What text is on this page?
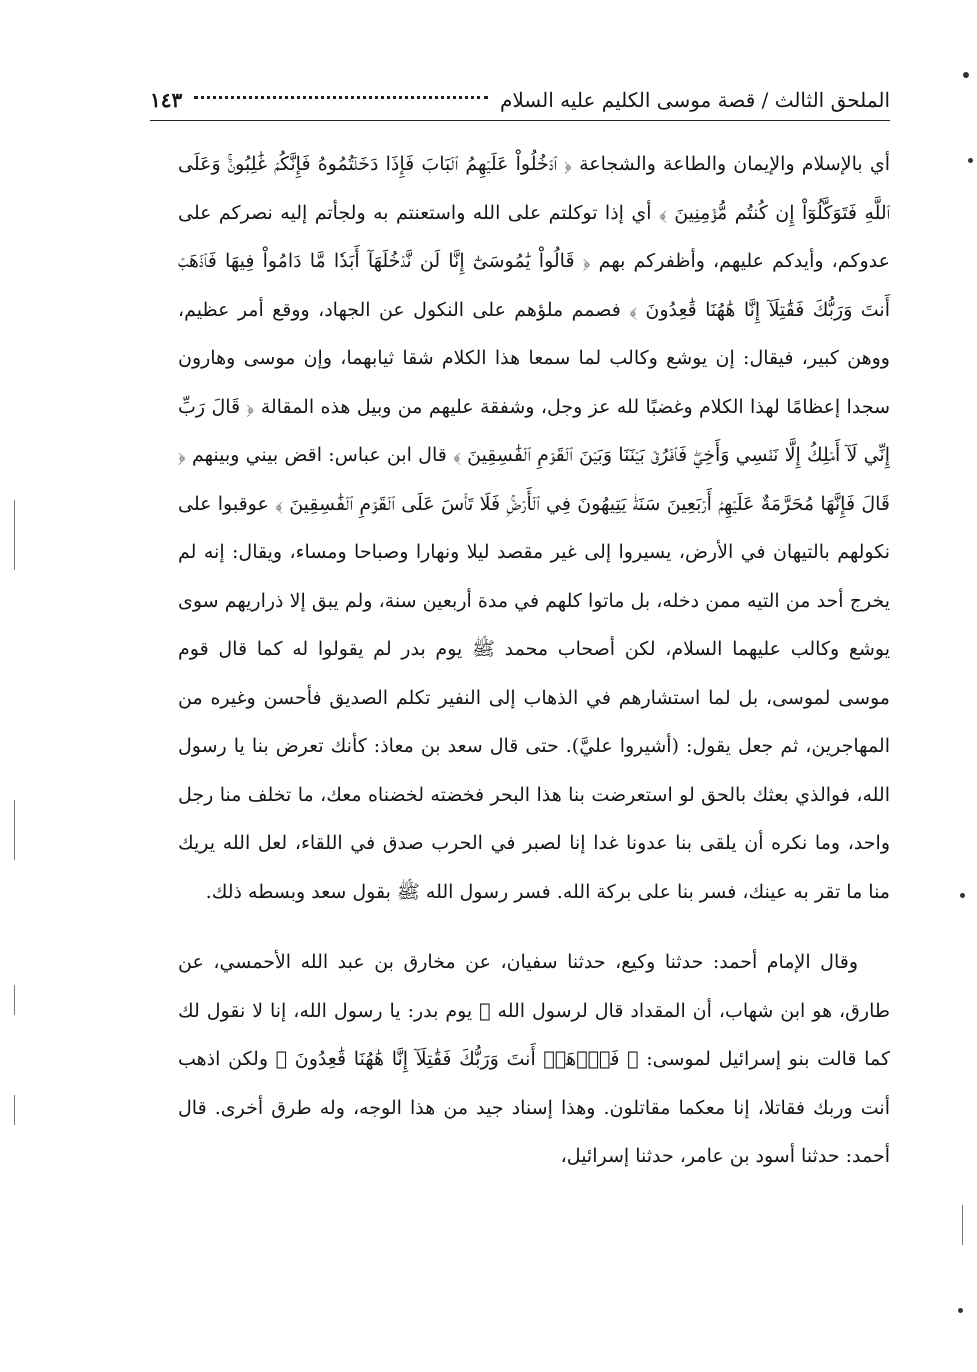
الملحق الثالث / قصة موسى الكليم عليه السلام
١٤٣

أي بالإسلام والإيمان والطاعة والشجاعة ﴿ ٱدۡخُلُواْ عَلَيۡهِمُ ٱلۡبَابَ فَإِذَا دَخَلۡتُمُوهُ فَإِنَّكُمۡ غَٰلِبُونَۚ وَعَلَى ٱللَّهِ فَتَوَكَّلُوٓاْ إِن كُنتُم مُّؤۡمِنِينَ ﴾ أي إذا توكلتم على الله واستعنتم به ولجأتم إليه نصركم على عدوكم، وأيدكم عليهم، وأظفركم بهم ﴿ قَالُواْ يَٰمُوسَىٰٓ إِنَّا لَن نَّدۡخُلَهَآ أَبَدٗا مَّا دَامُواْ فِيهَا فَٱذۡهَبۡ أَنتَ وَرَبُّكَ فَقَٰتِلَآ إِنَّا هَٰهُنَا قَٰعِدُونَ ﴾ فصمم ملؤهم على النكول عن الجهاد، ووقع أمر عظيم، ووهن كبير، فيقال: إن يوشع وكالب لما سمعا هذا الكلام شقا ثيابهما، وإن موسى وهارون سجدا إعظامًا لهذا الكلام وغضبًا لله عز وجل، وشفقة عليهم من وبيل هذه المقالة ﴿ قَالَ رَبِّ إِنِّي لَآ أَمۡلِكُ إِلَّا نَفۡسِي وَأَخِيۖ فَٱفۡرُقۡ بَيۡنَنَا وَبَيۡنَ ٱلۡقَوۡمِ ٱلۡفَٰسِقِينَ ﴾ قال ابن عباس: اقض بيني وبينهم ﴿ قَالَ فَإِنَّهَا مُحَرَّمَةٌ عَلَيۡهِمۡۛ أَرۡبَعِينَ سَنَةٗۛ يَتِيهُونَ فِي ٱلۡأَرۡضِۚ فَلَا تَأۡسَ عَلَى ٱلۡقَوۡمِ ٱلۡفَٰسِقِينَ ﴾ عوقبوا على نكولهم بالتيهان في الأرض، يسيروا إلى غير مقصد ليلا ونهارا وصباحا ومساء، ويقال: إنه لم يخرج أحد من التيه ممن دخله، بل ماتوا كلهم في مدة أربعين سنة، ولم يبق إلا ذراريهم سوى يوشع وكالب عليهما السلام، لكن أصحاب محمد ﷺ يوم بدر لم يقولوا له كما قال قوم موسى لموسى، بل لما استشارهم في الذهاب إلى النفير تكلم الصديق فأحسن وغيره من المهاجرين، ثم جعل يقول: (أشيروا عليَّ). حتى قال سعد بن معاذ: كأنك تعرض بنا يا رسول الله، فوالذي بعثك بالحق لو استعرضت بنا هذا البحر فخضته لخضناه معك، ما تخلف منا رجل واحد، وما نكره أن يلقى بنا عدونا غدا إنا لصبر في الحرب صدق في اللقاء، لعل الله يريك منا ما تقر به عينك، فسر بنا على بركة الله. فسر رسول الله ﷺ بقول سعد وبسطه ذلك.

وقال الإمام أحمد: حدثنا وكيع، حدثنا سفيان، عن مخارق بن عبد الله الأحمسي، عن طارق، هو ابن شهاب، أن المقداد قال لرسول الله ﷺ يوم بدر: يا رسول الله، إنا لا نقول لك كما قالت بنو إسرائيل لموسى: ﴿ فَٱذۡهَبۡ أَنتَ وَرَبُّكَ فَقَٰتِلَآ إِنَّا هَٰهُنَا قَٰعِدُونَ ﴾ ولكن اذهب أنت وربك فقاتلا، إنا معكما مقاتلون. وهذا إسناد جيد من هذا الوجه، وله طرق أخرى. قال أحمد: حدثنا أسود بن عامر، حدثنا إسرائيل،
